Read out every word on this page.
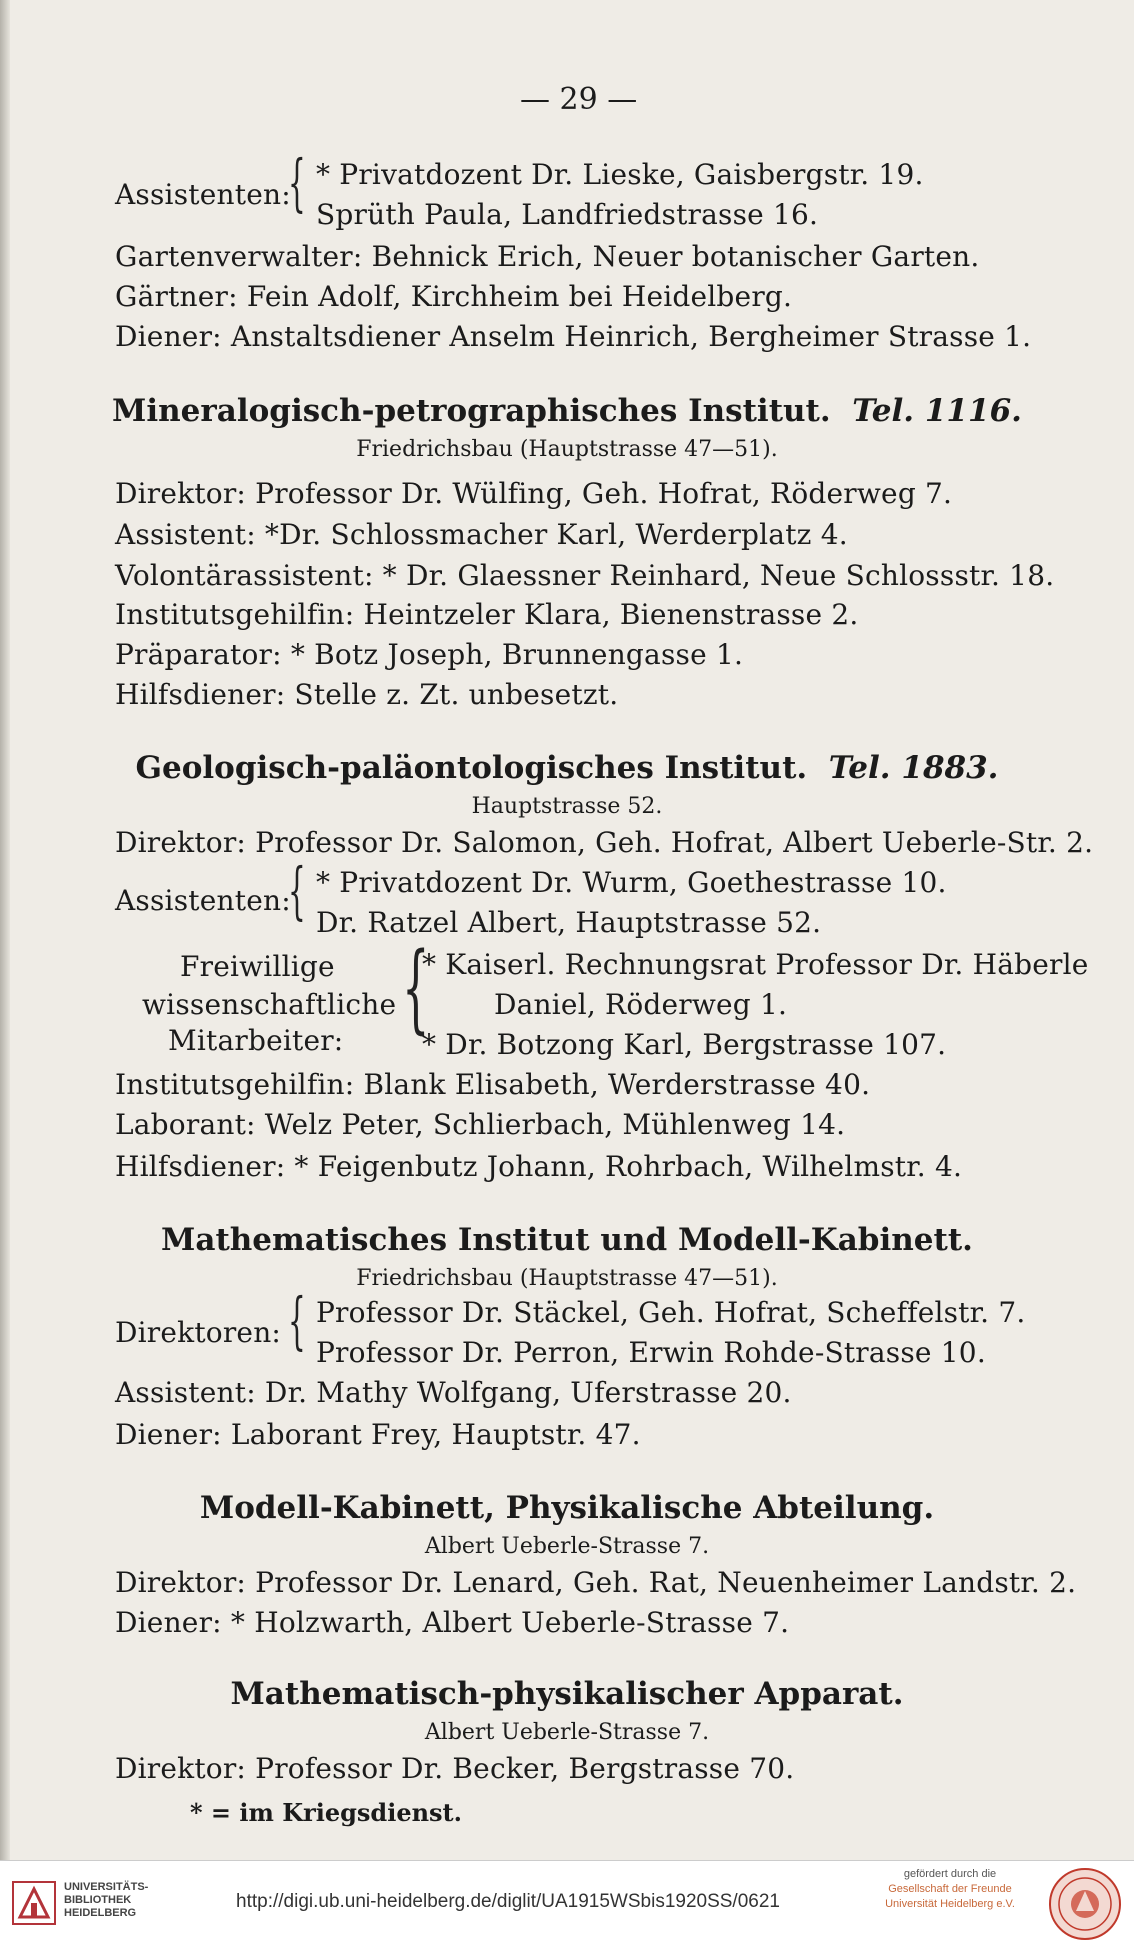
— 29 —
Assistenten:
{ * Privatdozent Dr. Lieske, Gaisbergstr. 19.
Sprüth Paula, Landfriedstrasse 16.
Gartenverwalter: Behnick Erich, Neuer botanischer Garten.
Gärtner: Fein Adolf, Kirchheim bei Heidelberg.
Diener: Anstaltsdiener Anselm Heinrich, Bergheimer Strasse 1.
Mineralogisch-petrographisches Institut. Tel. 1116.
Friedrichsbau (Hauptstrasse 47—51).
Direktor: Professor Dr. Wülfing, Geh. Hofrat, Röderweg 7.
Assistent: *Dr. Schlossmacher Karl, Werderplatz 4.
Volontärassistent: * Dr. Glaessner Reinhard, Neue Schlossstr. 18.
Institutsgehilfin: Heintzeler Klara, Bienenstrasse 2.
Präparator: * Botz Joseph, Brunnengasse 1.
Hilfsdiener: Stelle z. Zt. unbesetzt.
Geologisch-paläontologisches Institut. Tel. 1883.
Hauptstrasse 52.
Direktor: Professor Dr. Salomon, Geh. Hofrat, Albert Ueberle-Str. 2.
Assistenten:
{ * Privatdozent Dr. Wurm, Goethestrasse 10.
Dr. Ratzel Albert, Hauptstrasse 52.
Freiwillige
wissenschaftliche
Mitarbeiter: {
* Kaiserl. Rechnungsrat Professor Dr. Häberle
Daniel, Röderweg 1.
* Dr. Botzong Karl, Bergstrasse 107.
Institutsgehilfin: Blank Elisabeth, Werderstrasse 40.
Laborant: Welz Peter, Schlierbach, Mühlenweg 14.
Hilfsdiener: * Feigenbutz Johann, Rohrbach, Wilhelmstr. 4.
Mathematisches Institut und Modell-Kabinett.
Friedrichsbau (Hauptstrasse 47—51).
Direktoren: { Professor Dr. Stäckel, Geh. Hofrat, Scheffelstr. 7.
Professor Dr. Perron, Erwin Rohde-Strasse 10.
Assistent: Dr. Mathy Wolfgang, Uferstrasse 20.
Diener: Laborant Frey, Hauptstr. 47.
Modell-Kabinett, Physikalische Abteilung.
Albert Ueberle-Strasse 7.
Direktor: Professor Dr. Lenard, Geh. Rat, Neuenheimer Landstr. 2.
Diener: * Holzwarth, Albert Ueberle-Strasse 7.
Mathematisch-physikalischer Apparat.
Albert Ueberle-Strasse 7.
Direktor: Professor Dr. Becker, Bergstrasse 70.
* = im Kriegsdienst.
UNIVERSITÄTS-
BIBLIOTHEK
HEIDELBERG
http://digi.ub.uni-heidelberg.de/diglit/UA1915WSbis1920SS/0621
gefördert durch die
Gesellschaft der Freunde
Universität Heidelberg e.V.
